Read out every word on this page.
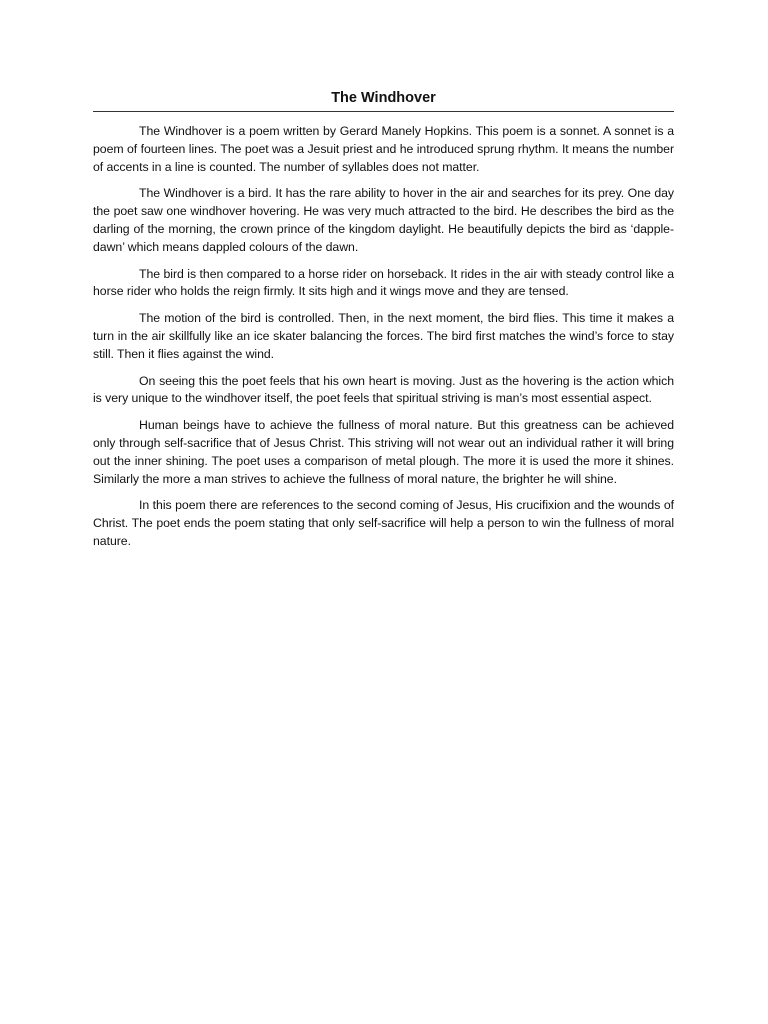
The Windhover

The Windhover is a poem written by Gerard Manely Hopkins. This poem is a sonnet. A sonnet is a poem of fourteen lines. The poet was a Jesuit priest and he introduced sprung rhythm. It means the number of accents in a line is counted. The number of syllables does not matter.

The Windhover is a bird. It has the rare ability to hover in the air and searches for its prey. One day the poet saw one windhover hovering. He was very much attracted to the bird. He describes the bird as the darling of the morning, the crown prince of the kingdom daylight. He beautifully depicts the bird as ‘dapple-dawn’ which means dappled colours of the dawn.

The bird is then compared to a horse rider on horseback. It rides in the air with steady control like a horse rider who holds the reign firmly. It sits high and it wings move and they are tensed.

The motion of the bird is controlled. Then, in the next moment, the bird flies. This time it makes a turn in the air skillfully like an ice skater balancing the forces. The bird first matches the wind’s force to stay still. Then it flies against the wind.

On seeing this the poet feels that his own heart is moving. Just as the hovering is the action which is very unique to the windhover itself, the poet feels that spiritual striving is man’s most essential aspect.

Human beings have to achieve the fullness of moral nature. But this greatness can be achieved only through self-sacrifice that of Jesus Christ. This striving will not wear out an individual rather it will bring out the inner shining. The poet uses a comparison of metal plough. The more it is used the more it shines. Similarly the more a man strives to achieve the fullness of moral nature, the brighter he will shine.

In this poem there are references to the second coming of Jesus, His crucifixion and the wounds of Christ. The poet ends the poem stating that only self-sacrifice will help a person to win the fullness of moral nature.
